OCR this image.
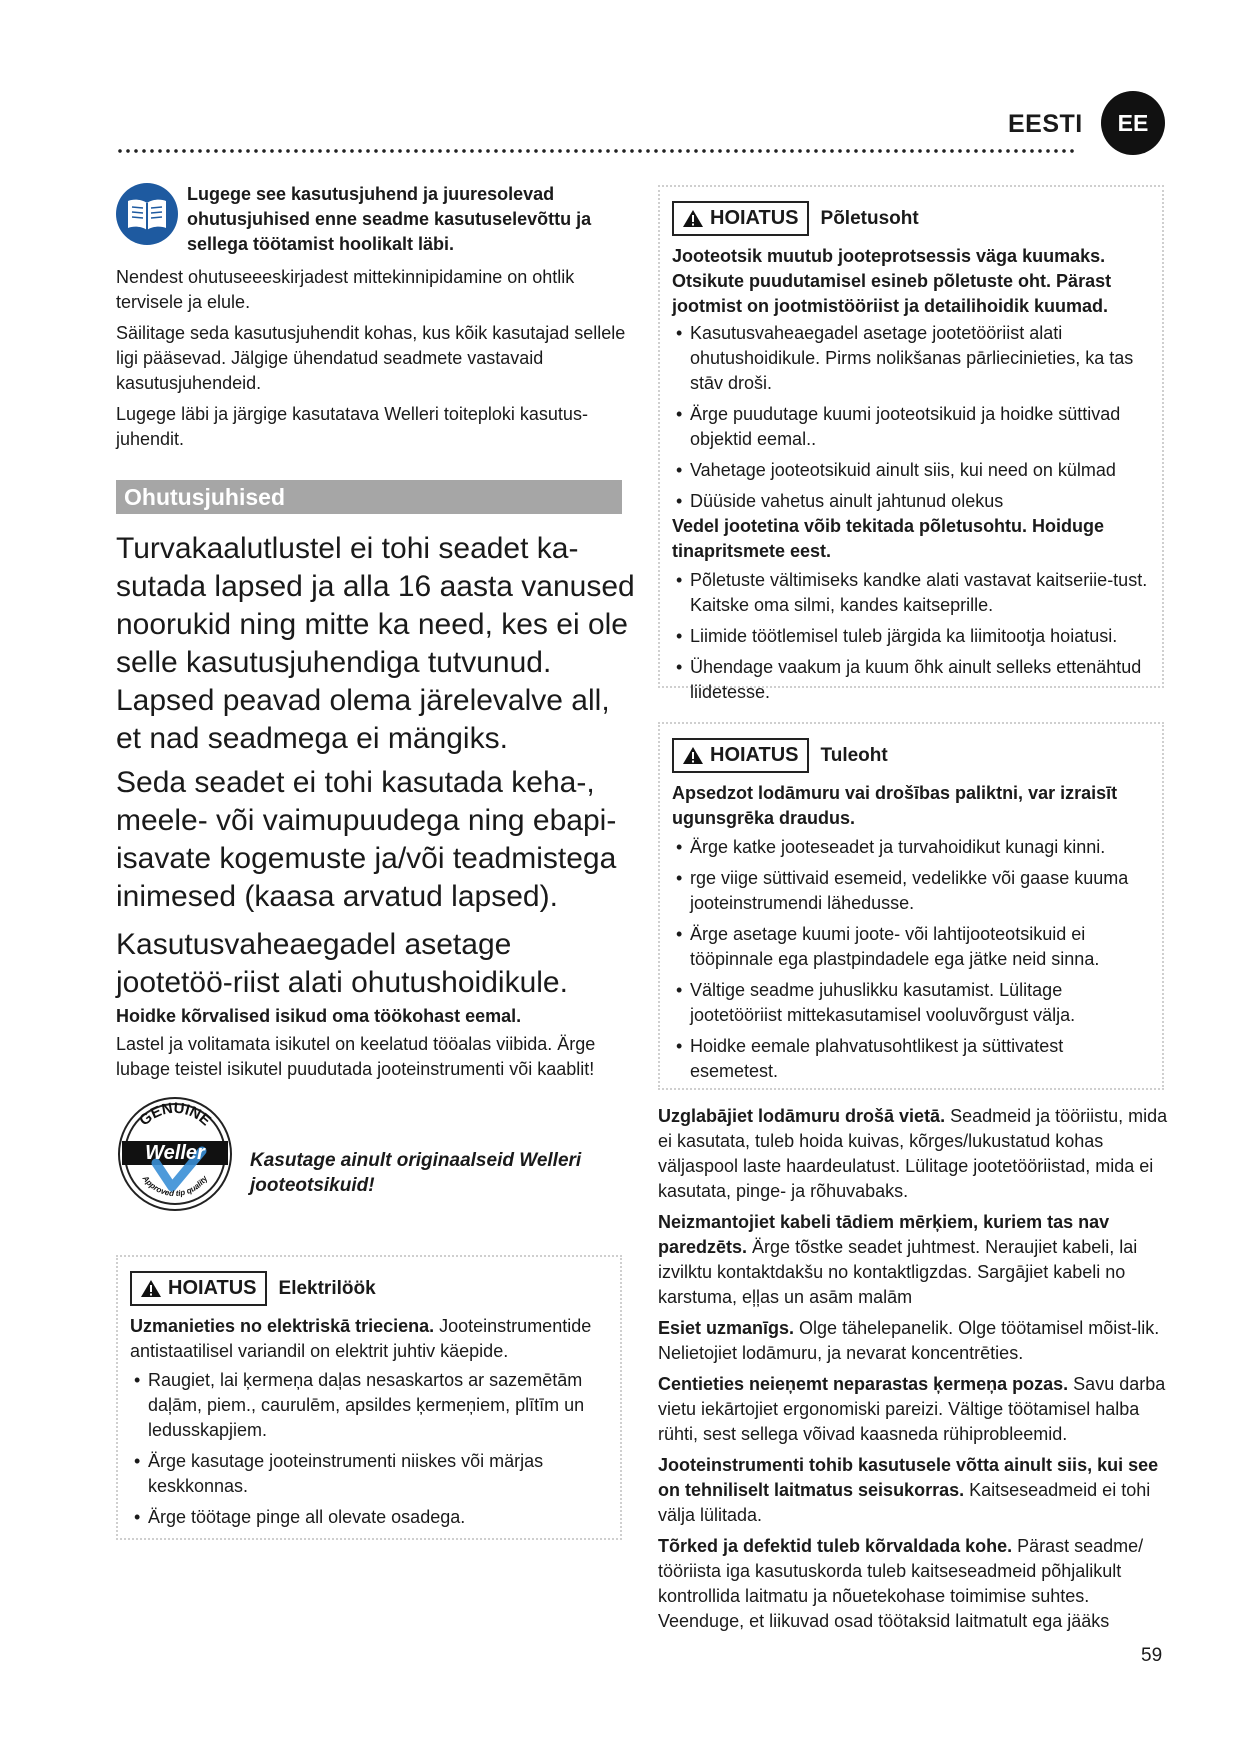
EESTI	EE
Lugege see kasutusjuhend ja juuresolevad ohutusjuhised enne seadme kasutuselevõttu ja sellega töötamist hoolikalt läbi.

Nendest ohutuseeeskirjadest mittekinnipidamine on ohtlik tervisele ja elule.

Säilitage seda kasutusjuhendit kohas, kus kõik kasutajad sellele ligi pääsevad. Jälgige ühendatud seadmete vastavaid kasutusjuhendeid.

Lugege läbi ja järgige kasutatava Welleri toiteploki kasutus-juhendit.

Ohutusjuhised
Turvakaalutlustel ei tohi seadet ka-sutada lapsed ja alla 16 aasta vanused noorukid ning mitte ka need, kes ei ole selle kasutusjuhendiga tutvunud. Lapsed peavad olema järelevalve all, et nad seadmega ei mängiks.
Seda seadet ei tohi kasutada keha-, meele- või vaimupuudega ning ebapi-isavate kogemuste ja/või teadmistega inimesed (kaasa arvatud lapsed).
Kasutusvaheaegadel asetage jootetöö-riist alati ohutushoidikule.

Hoidke kõrvalised isikud oma töökohast eemal.

Lastel ja volitamata isikutel on keelatud tööalas viibida. Ärge lubage teistel isikutel puudutada jooteinstrumenti või kaablit!

GENUINE
Weller
Approved tip quality
Kasutage ainult originaalseid Welleri jooteotsikuid!
HOIATUS Elektrilöök

Uzmanieties no elektriskā trieciena. Jooteinstrumentide antistaatilisel variandil on elektrit juhtiv käepide.

• Raugiet, lai ķermeņa daļas nesaskartos ar sazemētām daļām, piem., caurulēm, apsildes ķermeņiem, plītīm un ledusskapjiem.
• Ärge kasutage jooteinstrumenti niiskes või märjas keskkonnas.
• Ärge töötage pinge all olevate osadega.
HOIATUS Põletusoht

Jooteotsik muutub jooteprotsessis väga kuumaks. Otsikute puudutamisel esineb põletuste oht. Pärast jootmist on jootmistööriist ja detailihoidik kuumad.

• Kasutusvaheaegadel asetage jootetööriist alati ohutushoidikule. Pirms nolikšanas pārliecinieties, ka tas stāv droši.
• Ärge puudutage kuumi jooteotsikuid ja hoidke süttivad objektid eemal..
• Vahetage jooteotsikuid ainult siis, kui need on külmad
• Düüside vahetus ainult jahtunud olekus

Vedel jootetina võib tekitada põletusohtu. Hoiduge tinapritsmete eest.

• Põletuste vältimiseks kandke alati vastavat kaitseriie-tust. Kaitske oma silmi, kandes kaitseprille.
• Liimide töötlemisel tuleb järgida ka liimitootja hoiatusi.
• Ühendage vaakum ja kuum õhk ainult selleks ettenähtud liidetesse.
HOIATUS Tuleoht

Apsedzot lodāmuru vai drošības paliktni, var izraisīt ugunsgrēka draudus.

• Ärge katke jooteseadet ja turvahoidikut kunagi kinni.
• rge viige süttivaid esemeid, vedelikke või gaase kuuma jooteinstrumendi lähedusse.
• Ärge asetage kuumi joote- või lahtijooteotsikuid ei tööpinnale ega plastpindadele ega jätke neid sinna.
• Vältige seadme juhuslikku kasutamist. Lülitage jootetööriist mittekasutamisel vooluvõrgust välja.
• Hoidke eemale plahvatusohtlikest ja süttivatest esemetest.

Uzglabājiet lodāmuru drošā vietā. Seadmeid ja tööriistu, mida ei kasutata, tuleb hoida kuivas, kõrges/lukustatud kohas väljaspool laste haardeulatust. Lülitage jootetööriistad, mida ei kasutata, pinge- ja rõhuvabaks.

Neizmantojiet kabeli tādiem mērķiem, kuriem tas nav paredzēts. Ärge tõstke seadet juhtmest. Neraujiet kabeli, lai izvilktu kontaktdakšu no kontaktligzdas. Sargājiet kabeli no karstuma, eļļas un asām malām

Esiet uzmanīgs. Olge tähelepanelik. Olge töötamisel mõist-lik. Nelietojiet lodāmuru, ja nevarat koncentrēties.

Centieties neieņemt neparastas ķermeņa pozas. Savu darba vietu iekārtojiet ergonomiski pareizi. Vältige töötamisel halba rühti, sest sellega võivad kaasneda rühiprobleemid.

Jooteinstrumenti tohib kasutusele võtta ainult siis, kui see on tehniliselt laitmatus seisukorras. Kaitseseadmeid ei tohi välja lülitada.

Tõrked ja defektid tuleb kõrvaldada kohe. Pärast seadme/ tööriista iga kasutuskorda tuleb kaitseseadmeid põhjalikult kontrollida laitmatu ja nõuetekohase toimimise suhtes. Veenduge, et liikuvad osad töötaksid laitmatult ega jääks

59
